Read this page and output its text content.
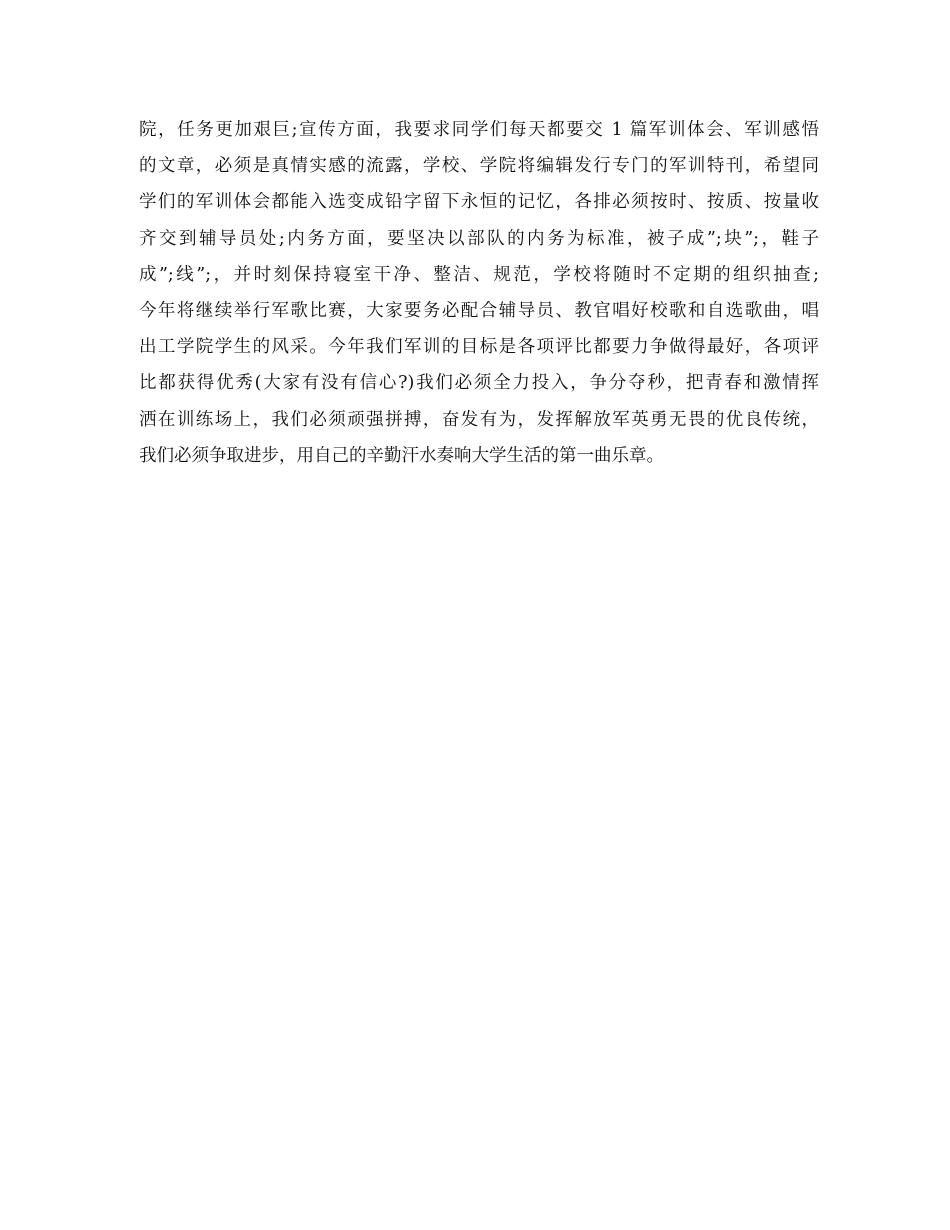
院，任务更加艰巨;宣传方面，我要求同学们每天都要交 1 篇军训体会、军训感悟
的文章，必须是真情实感的流露，学校、学院将编辑发行专门的军训特刊，希望同
学们的军训体会都能入选变成铅字留下永恒的记忆，各排必须按时、按质、按量收
齐交到辅导员处;内务方面，要坚决以部队的内务为标准，被子成”;块”;，鞋子
成”;线”;，并时刻保持寝室干净、整洁、规范，学校将随时不定期的组织抽查;
今年将继续举行军歌比赛，大家要务必配合辅导员、教官唱好校歌和自选歌曲，唱
出工学院学生的风采。今年我们军训的目标是各项评比都要力争做得最好，各项评
比都获得优秀(大家有没有信心?)我们必须全力投入，争分夺秒，把青春和激情挥
洒在训练场上，我们必须顽强拼搏，奋发有为，发挥解放军英勇无畏的优良传统，
我们必须争取进步，用自己的辛勤汗水奏响大学生活的第一曲乐章。
